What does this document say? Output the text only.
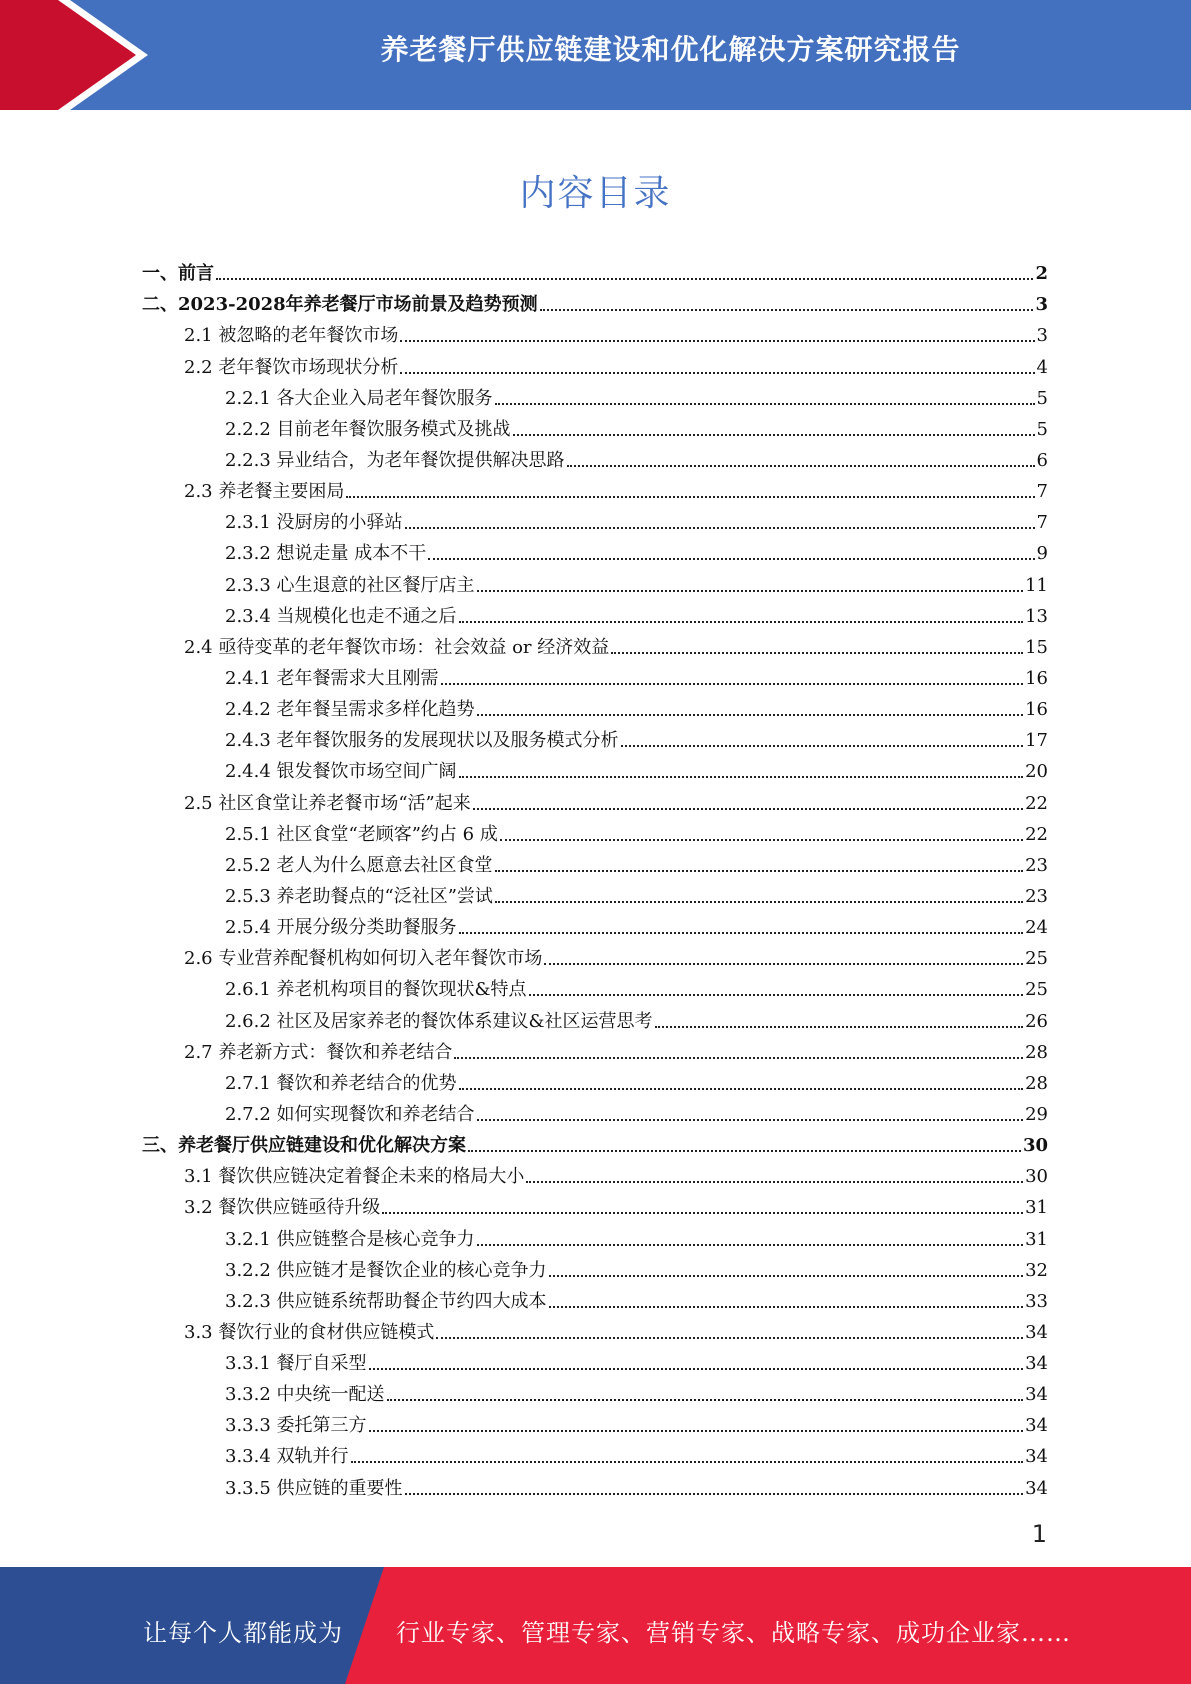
养老餐厅供应链建设和优化解决方案研究报告
内容目录
一、前言	2
二、2023-2028年养老餐厅市场前景及趋势预测	3
2.1 被忽略的老年餐饮市场	3
2.2 老年餐饮市场现状分析	4
2.2.1 各大企业入局老年餐饮服务	5
2.2.2 目前老年餐饮服务模式及挑战	5
2.2.3 异业结合，为老年餐饮提供解决思路	6
2.3 养老餐主要困局	7
2.3.1 没厨房的小驿站	7
2.3.2 想说走量 成本不干	9
2.3.3 心生退意的社区餐厅店主	11
2.3.4 当规模化也走不通之后	13
2.4 亟待变革的老年餐饮市场：社会效益 or 经济效益	15
2.4.1 老年餐需求大且刚需	16
2.4.2 老年餐呈需求多样化趋势	16
2.4.3 老年餐饮服务的发展现状以及服务模式分析	17
2.4.4 银发餐饮市场空间广阔	20
2.5 社区食堂让养老餐市场“活”起来	22
2.5.1 社区食堂“老顾客”约占 6 成	22
2.5.2 老人为什么愿意去社区食堂	23
2.5.3 养老助餐点的“泛社区”尝试	23
2.5.4 开展分级分类助餐服务	24
2.6 专业营养配餐机构如何切入老年餐饮市场	25
2.6.1 养老机构项目的餐饮现状&特点	25
2.6.2 社区及居家养老的餐饮体系建议&社区运营思考	26
2.7 养老新方式：餐饮和养老结合	28
2.7.1 餐饮和养老结合的优势	28
2.7.2 如何实现餐饮和养老结合	29
三、养老餐厅供应链建设和优化解决方案	30
3.1 餐饮供应链决定着餐企未来的格局大小	30
3.2 餐饮供应链亟待升级	31
3.2.1 供应链整合是核心竞争力	31
3.2.2 供应链才是餐饮企业的核心竞争力	32
3.2.3 供应链系统帮助餐企节约四大成本	33
3.3 餐饮行业的食材供应链模式	34
3.3.1 餐厅自采型	34
3.3.2 中央统一配送	34
3.3.3 委托第三方	34
3.3.4 双轨并行	34
3.3.5 供应链的重要性	34
1
让每个人都能成为 行业专家、管理专家、营销专家、战略专家、成功企业家……
